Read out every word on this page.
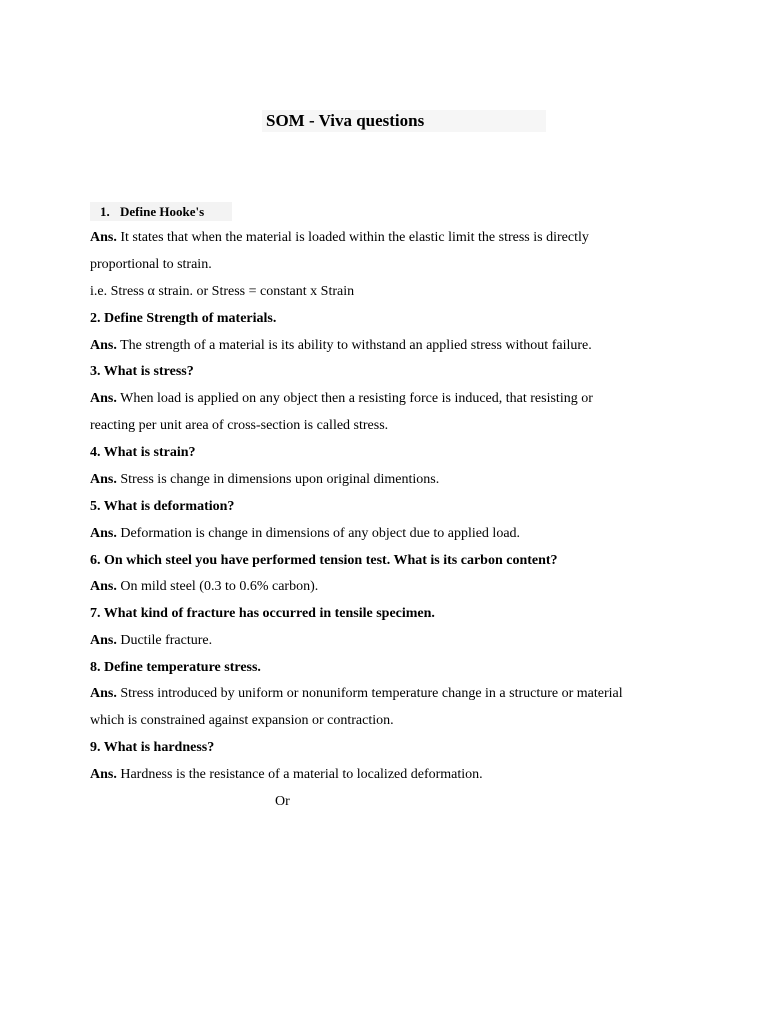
SOM - Viva questions
1. Define Hooke's
Ans. It states that when the material is loaded within the elastic limit the stress is directly
proportional to strain.
i.e. Stress α strain. or Stress = constant x Strain
2. Define Strength of materials.
Ans. The strength of a material is its ability to withstand an applied stress without failure.
3. What is stress?
Ans. When load is applied on any object then a resisting force is induced, that resisting or
reacting per unit area of cross-section is called stress.
4. What is strain?
Ans. Stress is change in dimensions upon original dimentions.
5. What is deformation?
Ans. Deformation is change in dimensions of any object due to applied load.
6. On which steel you have performed tension test. What is its carbon content?
Ans. On mild steel (0.3 to 0.6% carbon).
7. What kind of fracture has occurred in tensile specimen.
Ans. Ductile fracture.
8. Define temperature stress.
Ans. Stress introduced by uniform or nonuniform temperature change in a structure or material
which is constrained against expansion or contraction.
9. What is hardness?
Ans. Hardness is the resistance of a material to localized deformation.
Or
